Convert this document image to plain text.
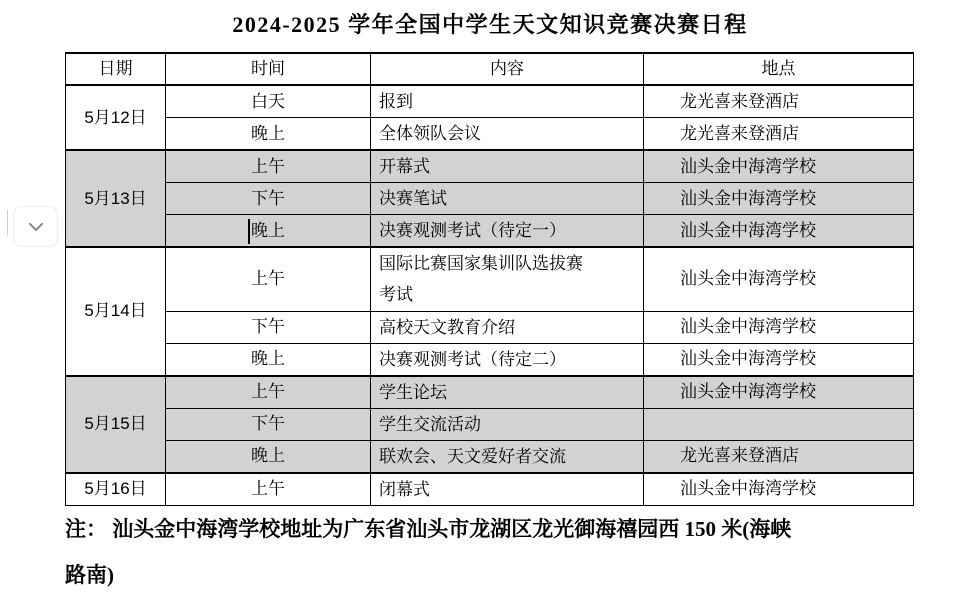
2024-2025 学年全国中学生天文知识竞赛决赛日程
日期	时间	内容	地点
5月12日	白天	报到	龙光喜来登酒店
	晚上	全体领队会议	龙光喜来登酒店
5月13日	上午	开幕式	汕头金中海湾学校
	下午	决赛笔试	汕头金中海湾学校
	晚上	决赛观测考试（待定一）	汕头金中海湾学校
5月14日	上午	国际比赛国家集训队选拔赛考试	汕头金中海湾学校
	下午	高校天文教育介绍	汕头金中海湾学校
	晚上	决赛观测考试（待定二）	汕头金中海湾学校
5月15日	上午	学生论坛	汕头金中海湾学校
	下午	学生交流活动	
	晚上	联欢会、天文爱好者交流	龙光喜来登酒店
5月16日	上午	闭幕式	汕头金中海湾学校
注： 汕头金中海湾学校地址为广东省汕头市龙湖区龙光御海禧园西 150 米(海峡
路南)
